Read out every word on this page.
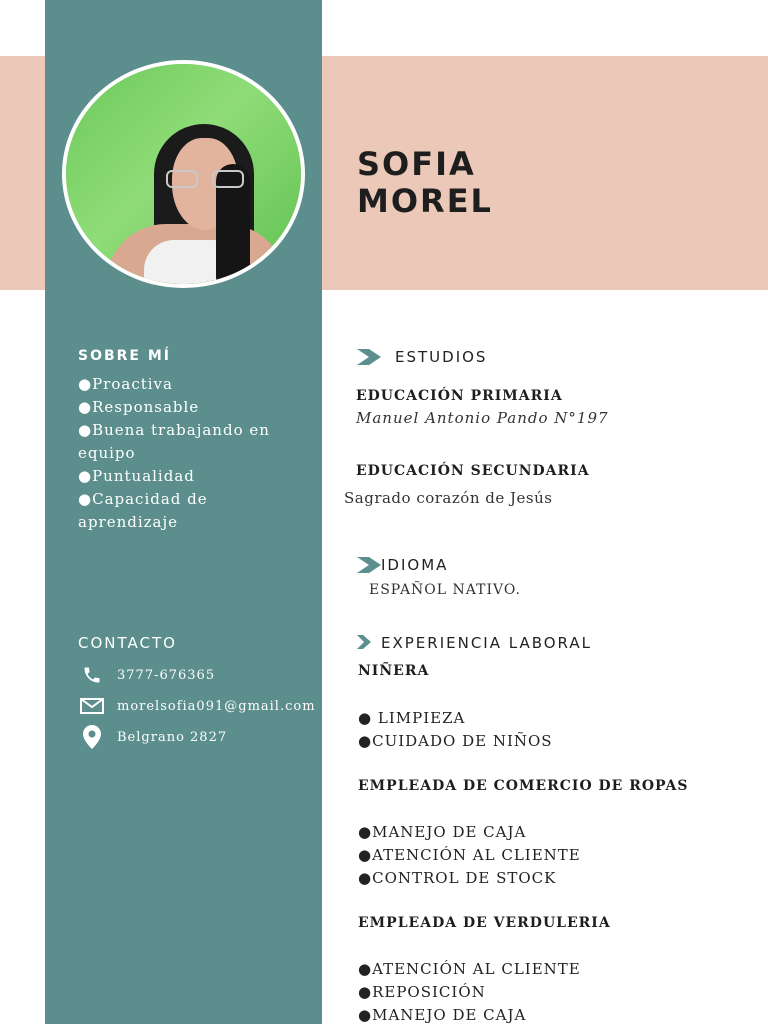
SOFIA
MOREL
SOBRE MÍ
● Proactiva
● Responsable
● Buena trabajando en equipo
● Puntualidad
● Capacidad de aprendizaje
CONTACTO
3777-676365
morelsofia091@gmail.com
Belgrano 2827
ESTUDIOS
EDUCACIÓN PRIMARIA
Manuel Antonio Pando N°197
EDUCACIÓN SECUNDARIA
Sagrado corazón de Jesús
IDIOMA
ESPAÑOL NATIVO.
EXPERIENCIA LABORAL
NIÑERA
● LIMPIEZA
● CUIDADO DE NIÑOS
EMPLEADA DE COMERCIO DE ROPAS
● MANEJO DE CAJA
● ATENCIÓN AL CLIENTE
● CONTROL DE STOCK
EMPLEADA DE VERDULERIA
● ATENCIÓN AL CLIENTE
● REPOSICIÓN
● MANEJO DE CAJA
